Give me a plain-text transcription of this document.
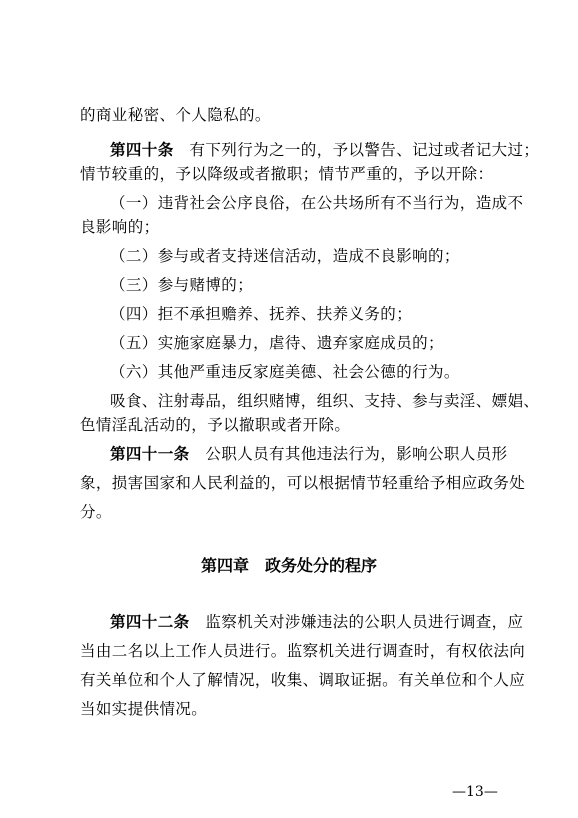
的商业秘密、个人隐私的。
第四十条　有下列行为之一的，予以警告、记过或者记大过；
情节较重的，予以降级或者撤职；情节严重的，予以开除：
（一）违背社会公序良俗，在公共场所有不当行为，造成不
良影响的；
（二）参与或者支持迷信活动，造成不良影响的；
（三）参与赌博的；
（四）拒不承担赡养、抚养、扶养义务的；
（五）实施家庭暴力，虐待、遗弃家庭成员的；
（六）其他严重违反家庭美德、社会公德的行为。
吸食、注射毒品，组织赌博，组织、支持、参与卖淫、嫖娼、
色情淫乱活动的，予以撤职或者开除。
第四十一条　公职人员有其他违法行为，影响公职人员形
象，损害国家和人民利益的，可以根据情节轻重给予相应政务处
分。
第四章　政务处分的程序
第四十二条　监察机关对涉嫌违法的公职人员进行调查，应
当由二名以上工作人员进行。监察机关进行调查时，有权依法向
有关单位和个人了解情况，收集、调取证据。有关单位和个人应
当如实提供情况。
—13—
